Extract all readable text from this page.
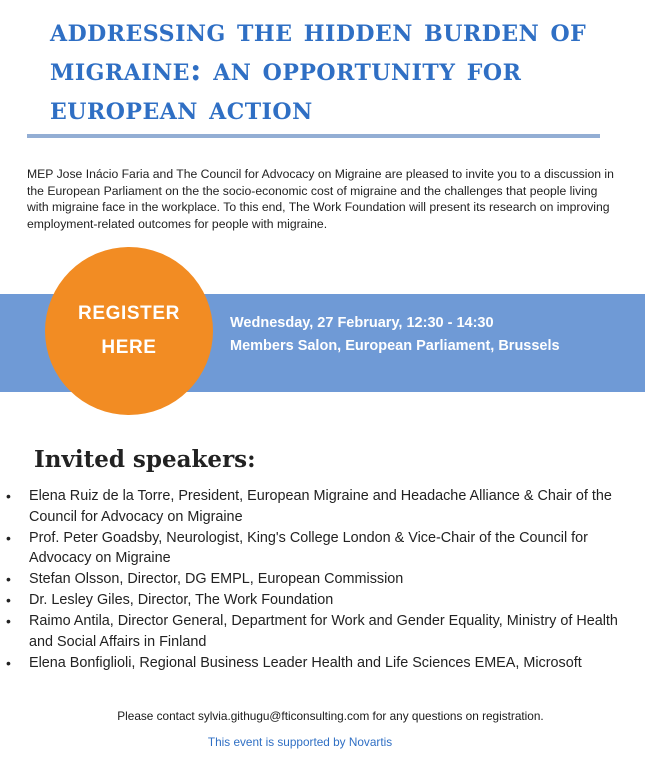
addressing the hidden burden of migraine: an opportunity for european action

MEP Jose Inácio Faria and The Council for Advocacy on Migraine are pleased to invite you to a discussion in the European Parliament on the the socio-economic cost of migraine and the challenges that people living with migraine face in the workplace. To this end, The Work Foundation will present its research on improving employment-related outcomes for people with migraine.

REGISTER
HERE
Wednesday, 27 February, 12:30 - 14:30
Members Salon, European Parliament, Brussels
Invited speakers:
• Elena Ruiz de la Torre, President, European Migraine and Headache Alliance & Chair of the Council for Advocacy on Migraine
• Prof. Peter Goadsby, Neurologist, King's College London & Vice-Chair of the Council for Advocacy on Migraine
• Stefan Olsson, Director, DG EMPL, European Commission
• Dr. Lesley Giles, Director, The Work Foundation
• Raimo Antila, Director General, Department for Work and Gender Equality, Ministry of Health and Social Affairs in Finland
• Elena Bonfiglioli, Regional Business Leader Health and Life Sciences EMEA, Microsoft

Please contact sylvia.githugu@fticonsulting.com for any questions on registration.

This event is supported by Novartis
